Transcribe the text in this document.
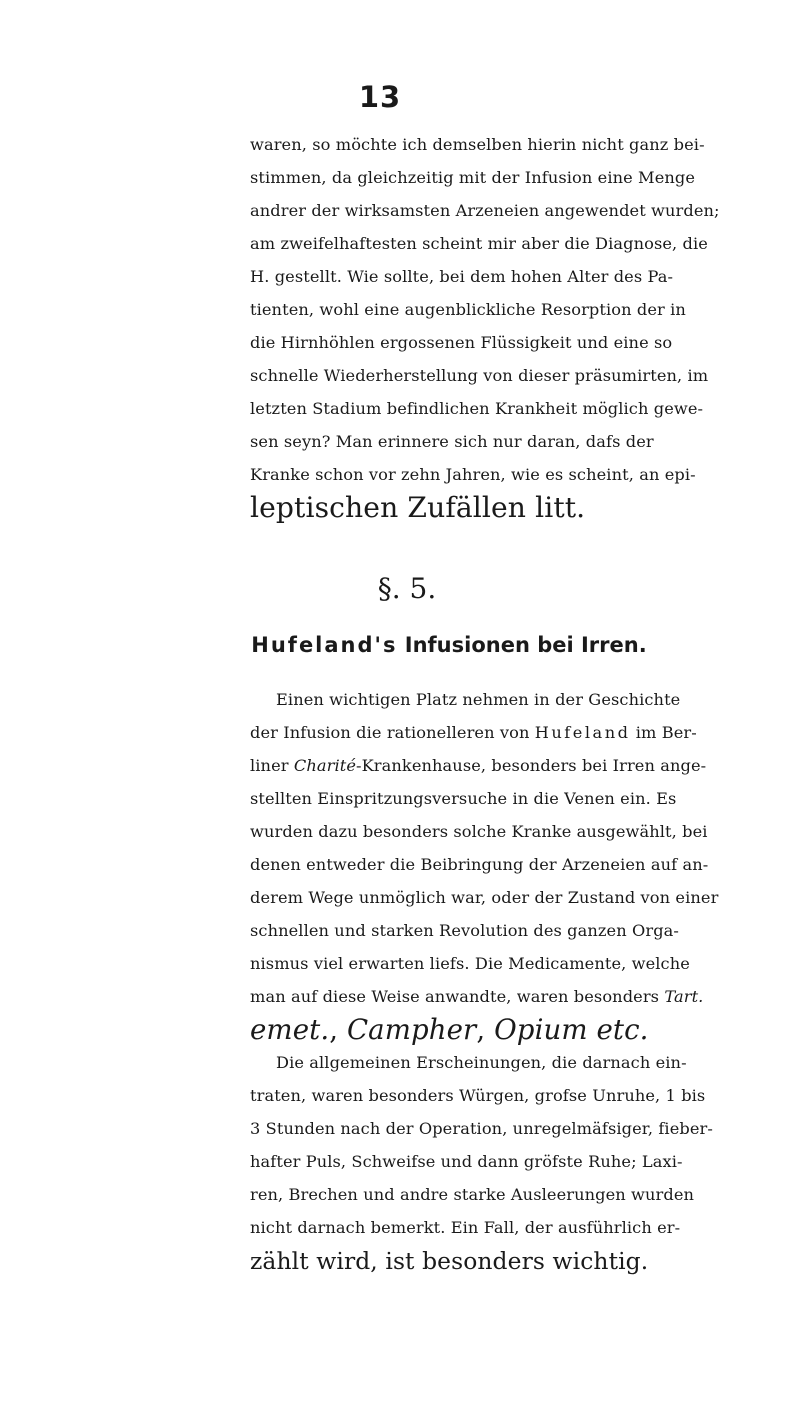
13
waren, so möchte ich demselben hierin nicht ganz bei-
stimmen, da gleichzeitig mit der Infusion eine Menge
andrer der wirksamsten Arzeneien angewendet wurden;
am zweifelhaftesten scheint mir aber die Diagnose, die
H. gestellt. Wie sollte, bei dem hohen Alter des Pa-
tienten, wohl eine augenblickliche Resorption der in
die Hirnhöhlen ergossenen Flüssigkeit und eine so
schnelle Wiederherstellung von dieser präsumirten, im
letzten Stadium befindlichen Krankheit möglich gewe-
sen seyn? Man erinnere sich nur daran, dafs der
Kranke schon vor zehn Jahren, wie es scheint, an epi-
leptischen Zufällen litt.
§. 5.
Hufeland's Infusionen bei Irren.
Einen wichtigen Platz nehmen in der Geschichte
der Infusion die rationelleren von Hufeland im Ber-
liner Charité-Krankenhause, besonders bei Irren ange-
stellten Einspritzungsversuche in die Venen ein. Es
wurden dazu besonders solche Kranke ausgewählt, bei
denen entweder die Beibringung der Arzeneien auf an-
derem Wege unmöglich war, oder der Zustand von einer
schnellen und starken Revolution des ganzen Orga-
nismus viel erwarten liefs. Die Medicamente, welche
man auf diese Weise anwandte, waren besonders Tart.
emet., Campher, Opium etc.
Die allgemeinen Erscheinungen, die darnach ein-
traten, waren besonders Würgen, grofse Unruhe, 1 bis
3 Stunden nach der Operation, unregelmäfsiger, fieber-
hafter Puls, Schweifse und dann gröfste Ruhe; Laxi-
ren, Brechen und andre starke Ausleerungen wurden
nicht darnach bemerkt. Ein Fall, der ausführlich er-
zählt wird, ist besonders wichtig.
